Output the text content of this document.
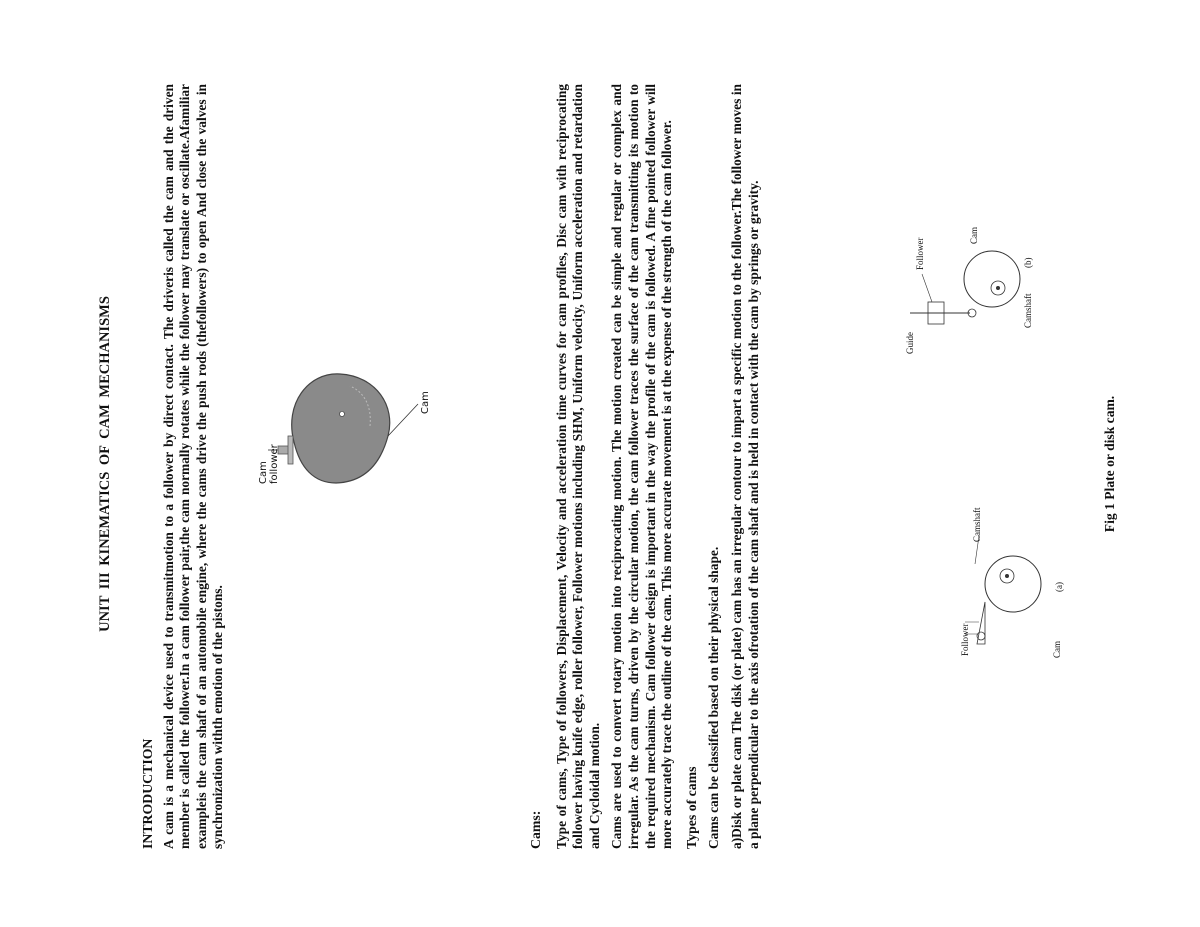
UNIT III KINEMATICS OF CAM MECHANISMS
INTRODUCTION A cam is a mechanical device used to transmitmotion to a follower by direct contact. The driveris called the cam and the driven member is called the follower.In a cam follower pair,the cam normally rotates while the follower may translate or oscillate.Afamiliar exampleis the cam shaft of an automobile engine, where the cams drive the push rods (thefollowers) to open And close the valves in synchronization withth emotion of the pistons.
Cam
follower
Cam
Cams: Type of cams, Type of followers, Displacement, Velocity and acceleration time curves for cam profiles, Disc cam with reciprocating follower having knife edge, roller follower, Follower motions including SHM, Uniform velocity, Uniform acceleration and retardation and Cycloidal motion. Cams are used to convert rotary motion into reciprocating motion. The motion created can be simple and regular or complex and irregular. As the cam turns, driven by the circular motion, the cam follower traces the surface of the cam transmitting its motion to the required mechanism. Cam follower design is important in the way the profile of the cam is followed. A fine pointed follower will more accurately trace the outline of the cam. This more accurate movement is at the expense of the strength of the cam follower. Types of cams Cams can be classified based on their physical shape. a)Disk or plate cam The disk (or plate) cam has an irregular contour to impart a specific motion to the follower.The follower moves in a plane perpendicular to the axis ofrotation of the cam shaft and is held in contact with the cam by springs or gravity.	Follower
Camshaft
Cam
(a)
Guide
Follower
Cam
Camshaft
(b)
Fig 1 Plate or disk cam.
